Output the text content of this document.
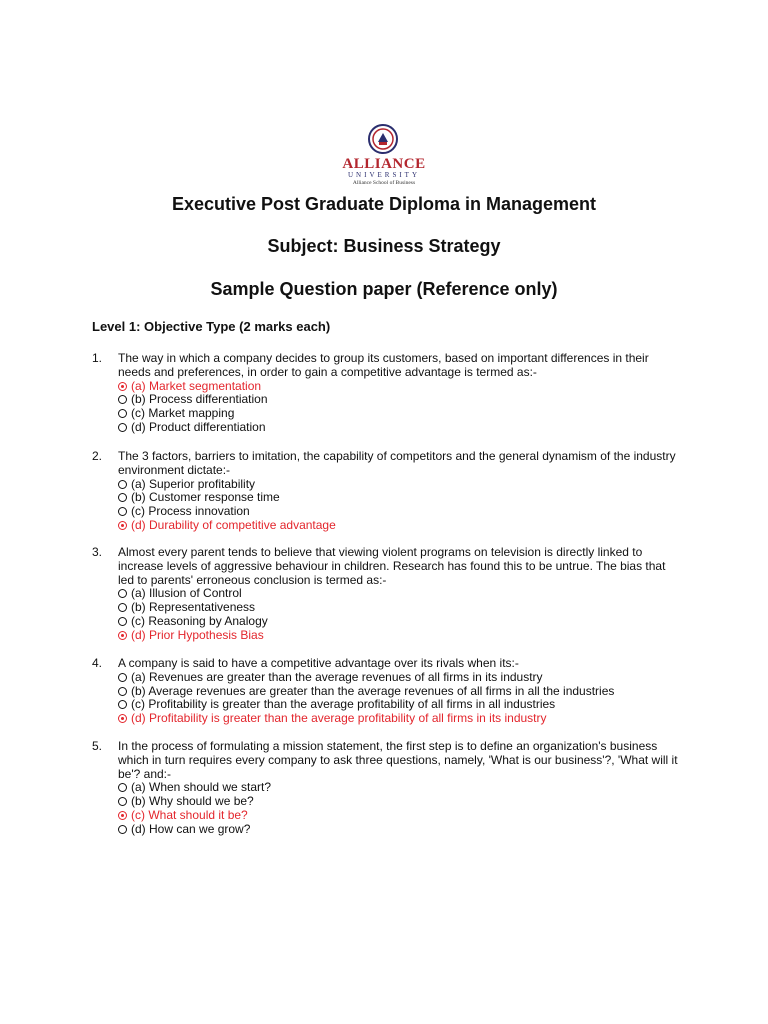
ALLIANCE
UNIVERSITY
Alliance School of Business
Executive Post Graduate Diploma in Management
Subject: Business Strategy
Sample Question paper (Reference only)
Level 1: Objective Type (2 marks each)
1. The way in which a company decides to group its customers, based on important differences in their needs and preferences, in order to gain a competitive advantage is termed as:-
(a) Market segmentation
(b) Process differentiation
(c) Market mapping
(d) Product differentiation
2. The 3 factors, barriers to imitation, the capability of competitors and the general dynamism of the industry environment dictate:-
(a) Superior profitability
(b) Customer response time
(c) Process innovation
(d) Durability of competitive advantage
3. Almost every parent tends to believe that viewing violent programs on television is directly linked to increase levels of aggressive behaviour in children. Research has found this to be untrue. The bias that led to parents' erroneous conclusion is termed as:-
(a) Illusion of Control
(b) Representativeness
(c) Reasoning by Analogy
(d) Prior Hypothesis Bias
4. A company is said to have a competitive advantage over its rivals when its:-
(a) Revenues are greater than the average revenues of all firms in its industry
(b) Average revenues are greater than the average revenues of all firms in all the industries
(c) Profitability is greater than the average profitability of all firms in all industries
(d) Profitability is greater than the average profitability of all firms in its industry
5. In the process of formulating a mission statement, the first step is to define an organization's business which in turn requires every company to ask three questions, namely, 'What is our business'?, 'What will it be'? and:-
(a) When should we start?
(b) Why should we be?
(c) What should it be?
(d) How can we grow?
